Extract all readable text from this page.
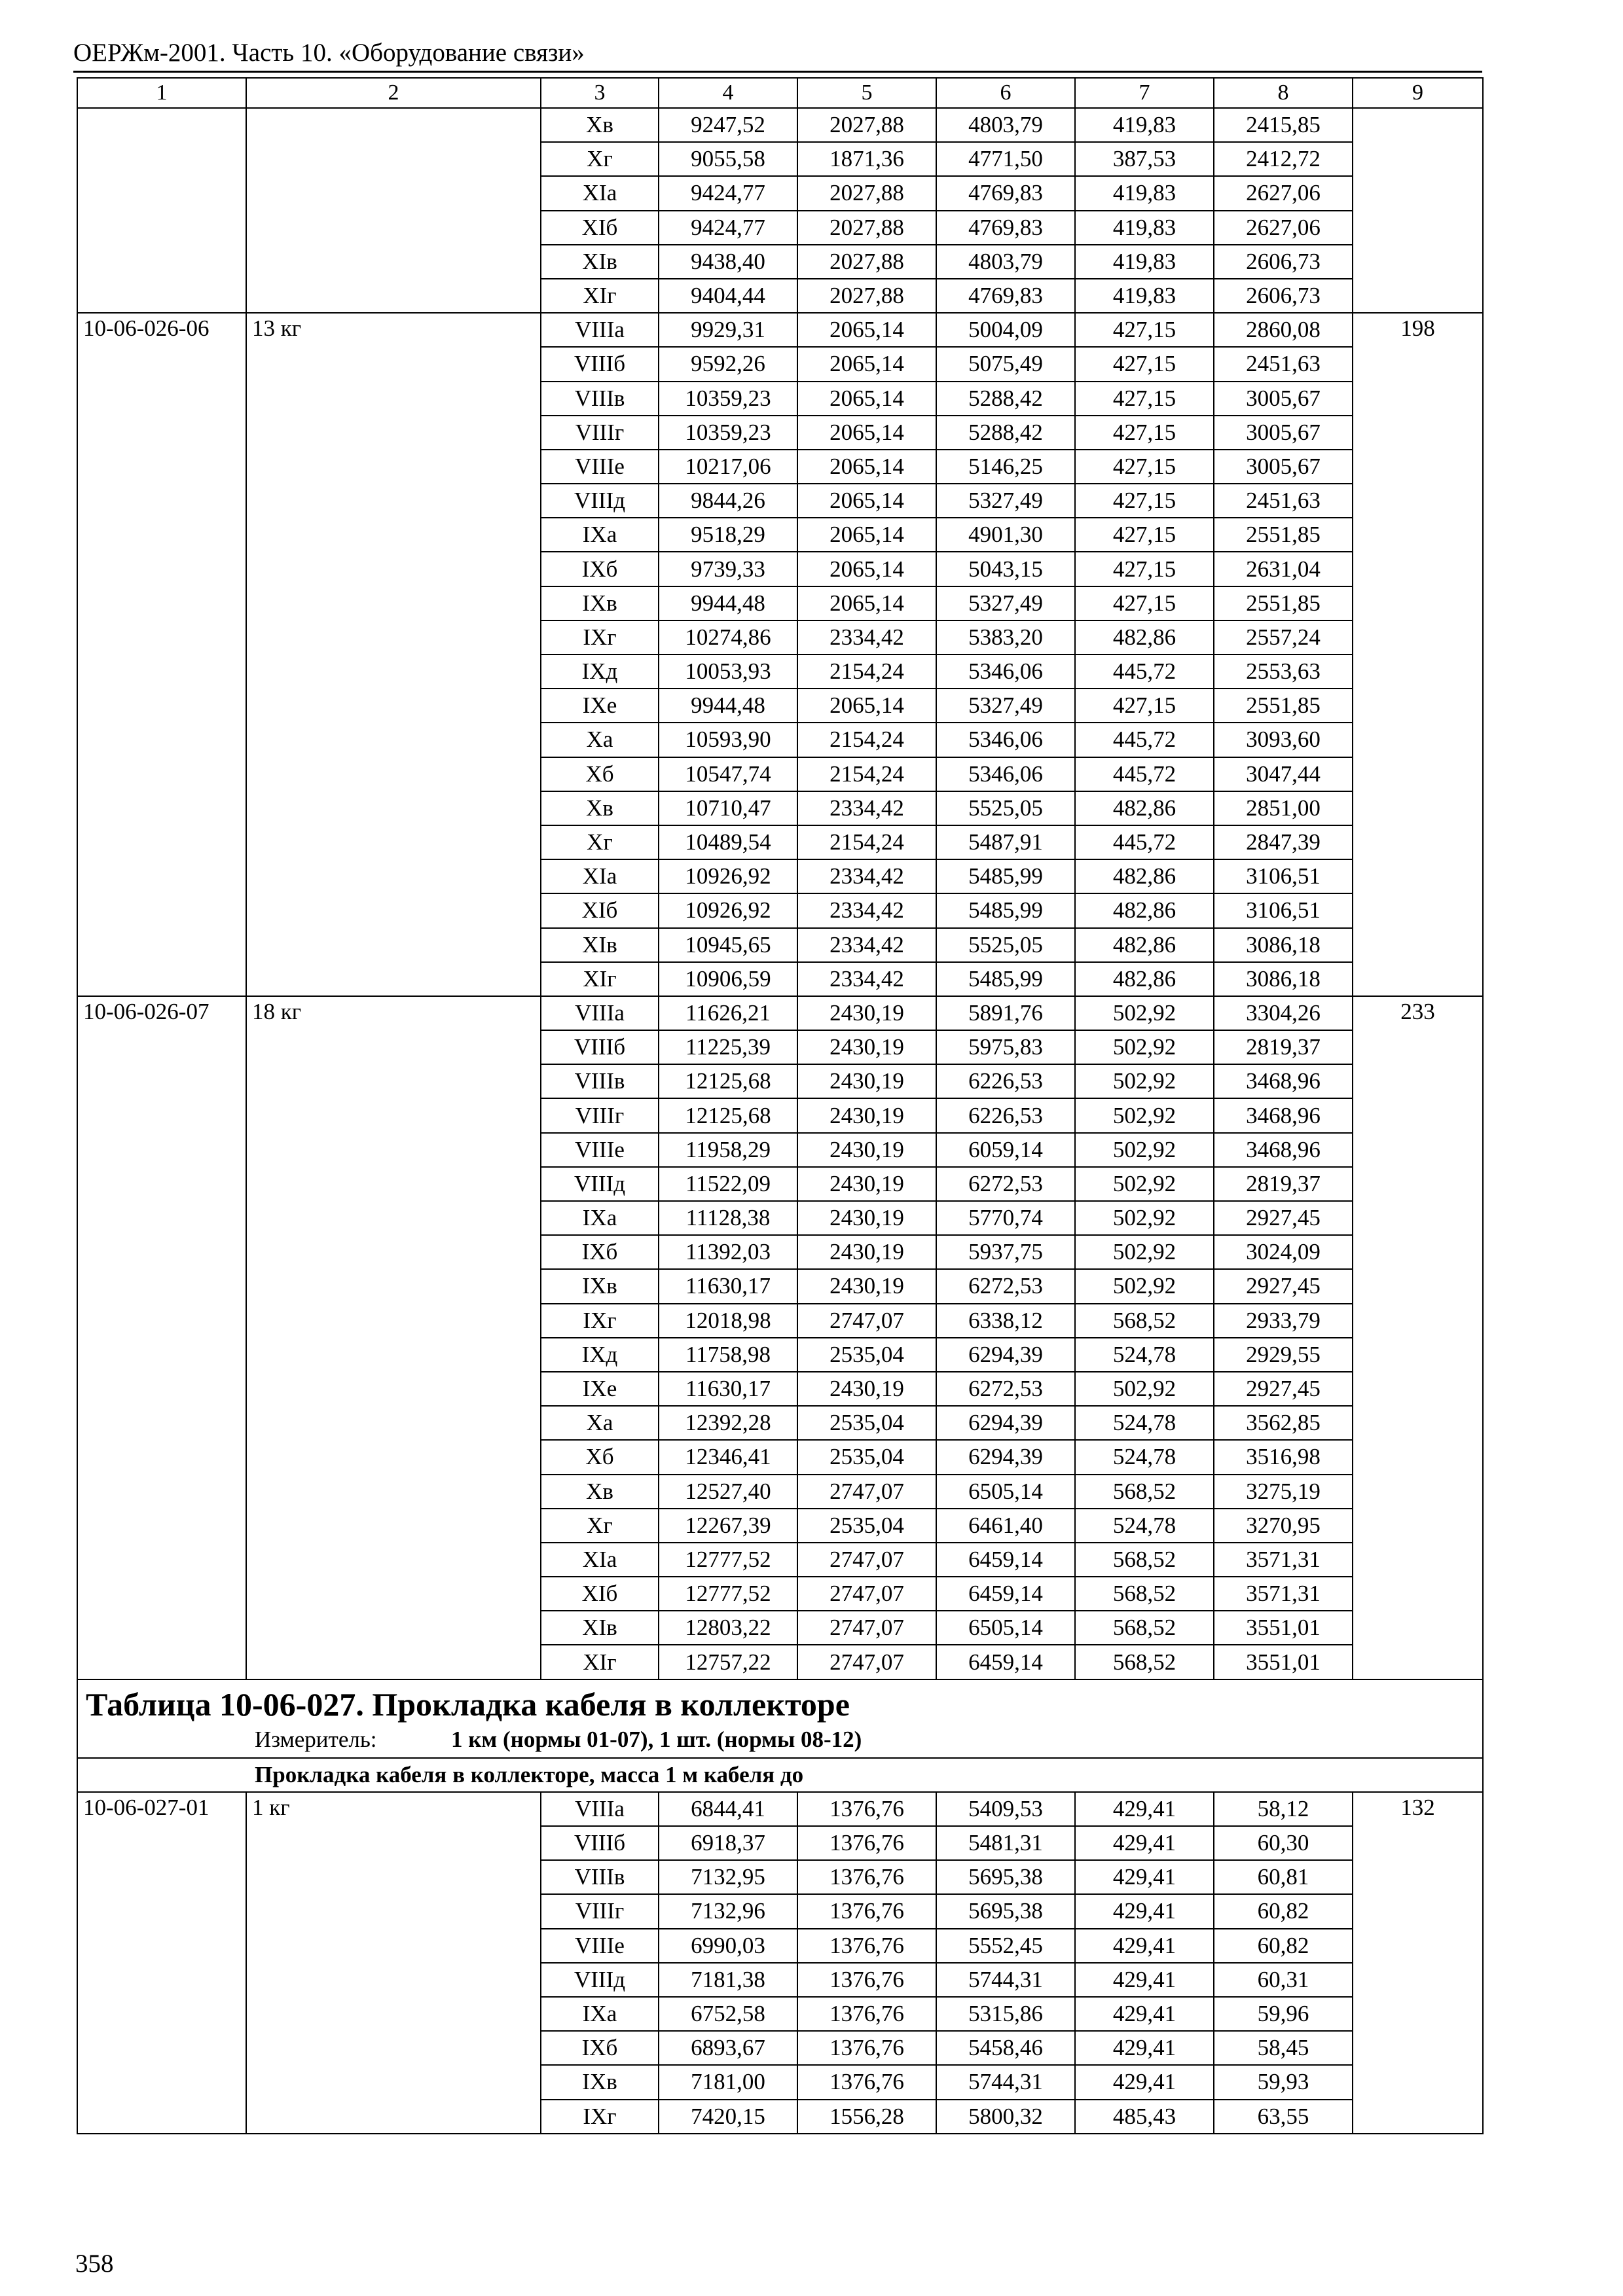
ОЕРЖм-2001. Часть 10. «Оборудование связи»
1	2	3	4	5	6	7	8	9
		Хв	9247,52	2027,88	4803,79	419,83	2415,85	
		Хг	9055,58	1871,36	4771,50	387,53	2412,72	
		XIа	9424,77	2027,88	4769,83	419,83	2627,06	
		XIб	9424,77	2027,88	4769,83	419,83	2627,06	
		XIв	9438,40	2027,88	4803,79	419,83	2606,73	
		XIг	9404,44	2027,88	4769,83	419,83	2606,73	
10-06-026-06	13 кг	VIIIа	9929,31	2065,14	5004,09	427,15	2860,08	198
		VIIIб	9592,26	2065,14	5075,49	427,15	2451,63	
		VIIIв	10359,23	2065,14	5288,42	427,15	3005,67	
		VIIIг	10359,23	2065,14	5288,42	427,15	3005,67	
		VIIIе	10217,06	2065,14	5146,25	427,15	3005,67	
		VIIIд	9844,26	2065,14	5327,49	427,15	2451,63	
		IXа	9518,29	2065,14	4901,30	427,15	2551,85	
		IXб	9739,33	2065,14	5043,15	427,15	2631,04	
		IXв	9944,48	2065,14	5327,49	427,15	2551,85	
		IXг	10274,86	2334,42	5383,20	482,86	2557,24	
		IXд	10053,93	2154,24	5346,06	445,72	2553,63	
		IXе	9944,48	2065,14	5327,49	427,15	2551,85	
		Ха	10593,90	2154,24	5346,06	445,72	3093,60	
		Хб	10547,74	2154,24	5346,06	445,72	3047,44	
		Хв	10710,47	2334,42	5525,05	482,86	2851,00	
		Хг	10489,54	2154,24	5487,91	445,72	2847,39	
		XIа	10926,92	2334,42	5485,99	482,86	3106,51	
		XIб	10926,92	2334,42	5485,99	482,86	3106,51	
		XIв	10945,65	2334,42	5525,05	482,86	3086,18	
		XIг	10906,59	2334,42	5485,99	482,86	3086,18	
10-06-026-07	18 кг	VIIIа	11626,21	2430,19	5891,76	502,92	3304,26	233
		VIIIб	11225,39	2430,19	5975,83	502,92	2819,37	
		VIIIв	12125,68	2430,19	6226,53	502,92	3468,96	
		VIIIг	12125,68	2430,19	6226,53	502,92	3468,96	
		VIIIе	11958,29	2430,19	6059,14	502,92	3468,96	
		VIIIд	11522,09	2430,19	6272,53	502,92	2819,37	
		IXа	11128,38	2430,19	5770,74	502,92	2927,45	
		IXб	11392,03	2430,19	5937,75	502,92	3024,09	
		IXв	11630,17	2430,19	6272,53	502,92	2927,45	
		IXг	12018,98	2747,07	6338,12	568,52	2933,79	
		IXд	11758,98	2535,04	6294,39	524,78	2929,55	
		IXе	11630,17	2430,19	6272,53	502,92	2927,45	
		Ха	12392,28	2535,04	6294,39	524,78	3562,85	
		Хб	12346,41	2535,04	6294,39	524,78	3516,98	
		Хв	12527,40	2747,07	6505,14	568,52	3275,19	
		Хг	12267,39	2535,04	6461,40	524,78	3270,95	
		XIа	12777,52	2747,07	6459,14	568,52	3571,31	
		XIб	12777,52	2747,07	6459,14	568,52	3571,31	
		XIв	12803,22	2747,07	6505,14	568,52	3551,01	
		XIг	12757,22	2747,07	6459,14	568,52	3551,01	

Таблица 10-06-027. Прокладка кабеля в коллекторе
Измеритель: 1 км (нормы 01-07), 1 шт. (нормы 08-12)								

Прокладка кабеля в коллекторе, масса 1 м кабеля до								
10-06-027-01	1 кг	VIIIа	6844,41	1376,76	5409,53	429,41	58,12	132
		VIIIб	6918,37	1376,76	5481,31	429,41	60,30	
		VIIIв	7132,95	1376,76	5695,38	429,41	60,81	
		VIIIг	7132,96	1376,76	5695,38	429,41	60,82	
		VIIIе	6990,03	1376,76	5552,45	429,41	60,82	
		VIIIд	7181,38	1376,76	5744,31	429,41	60,31	
		IXа	6752,58	1376,76	5315,86	429,41	59,96	
		IXб	6893,67	1376,76	5458,46	429,41	58,45	
		IXв	7181,00	1376,76	5744,31	429,41	59,93	
		IXг	7420,15	1556,28	5800,32	485,43	63,55	
358
